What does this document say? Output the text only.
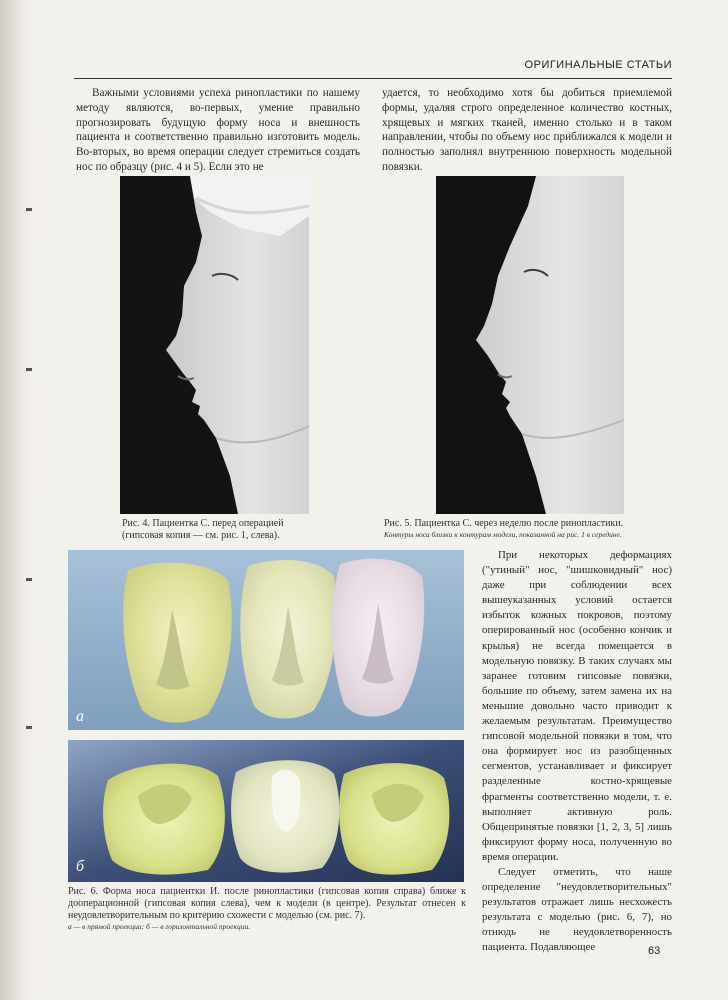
ОРИГИНАЛЬНЫЕ СТАТЬИ

Важными условиями успеха ринопластики по нашему методу являются, во-первых, умение правильно прогнозировать будущую форму носа и внешность пациента и соответственно правильно изготовить модель. Во-вторых, во время операции следует стремиться создать нос по образцу (рис. 4 и 5). Если это не

удается, то необходимо хотя бы добиться приемлемой формы, удаляя строго определенное количество костных, хрящевых и мягких тканей, именно столько и в таком направлении, чтобы по объему нос приближался к модели и полностью заполнял внутреннюю поверхность модельной повязки.

Рис. 4. Пациентка С. перед операцией (гипсовая копия — см. рис. 1, слева).
Рис. 5. Пациентка С. через неделю после ринопластики.
Контуры носа близки к контурам модели, показанной на рис. 1 в середине.
а
б
Рис. 6. Форма носа пациентки И. после ринопластики (гипсовая копия справа) ближе к дооперационной (гипсовая копия слева), чем к модели (в центре). Результат отнесен к неудовлетворительным по критерию схожести с моделью (см. рис. 7).
а — в прямой проекции; б — в горизонтальной проекции.

При некоторых деформациях ("утиный" нос, "шишковидный" нос) даже при соблюдении всех вышеуказанных условий остается избыток кожных покровов, поэтому оперированный нос (особенно кончик и крылья) не всегда помещается в модельную повязку. В таких случаях мы заранее готовим гипсовые повязки, большие по объему, затем замена их на меньшие довольно часто приводит к желаемым результатам. Преимущество гипсовой модельной повязки в том, что она формирует нос из разобщенных сегментов, устанавливает и фиксирует разделенные костно-хрящевые фрагменты соответственно модели, т. е. выполняет активную роль. Общепринятые повязки [1, 2, 3, 5] лишь фиксируют форму носа, полученную во время операции.

Следует отметить, что наше определение "неудовлетворительных" результатов отражает лишь несхожесть результата с моделью (рис. 6, 7), но отнюдь не неудовлетворенность пациента. Подавляющее	63
